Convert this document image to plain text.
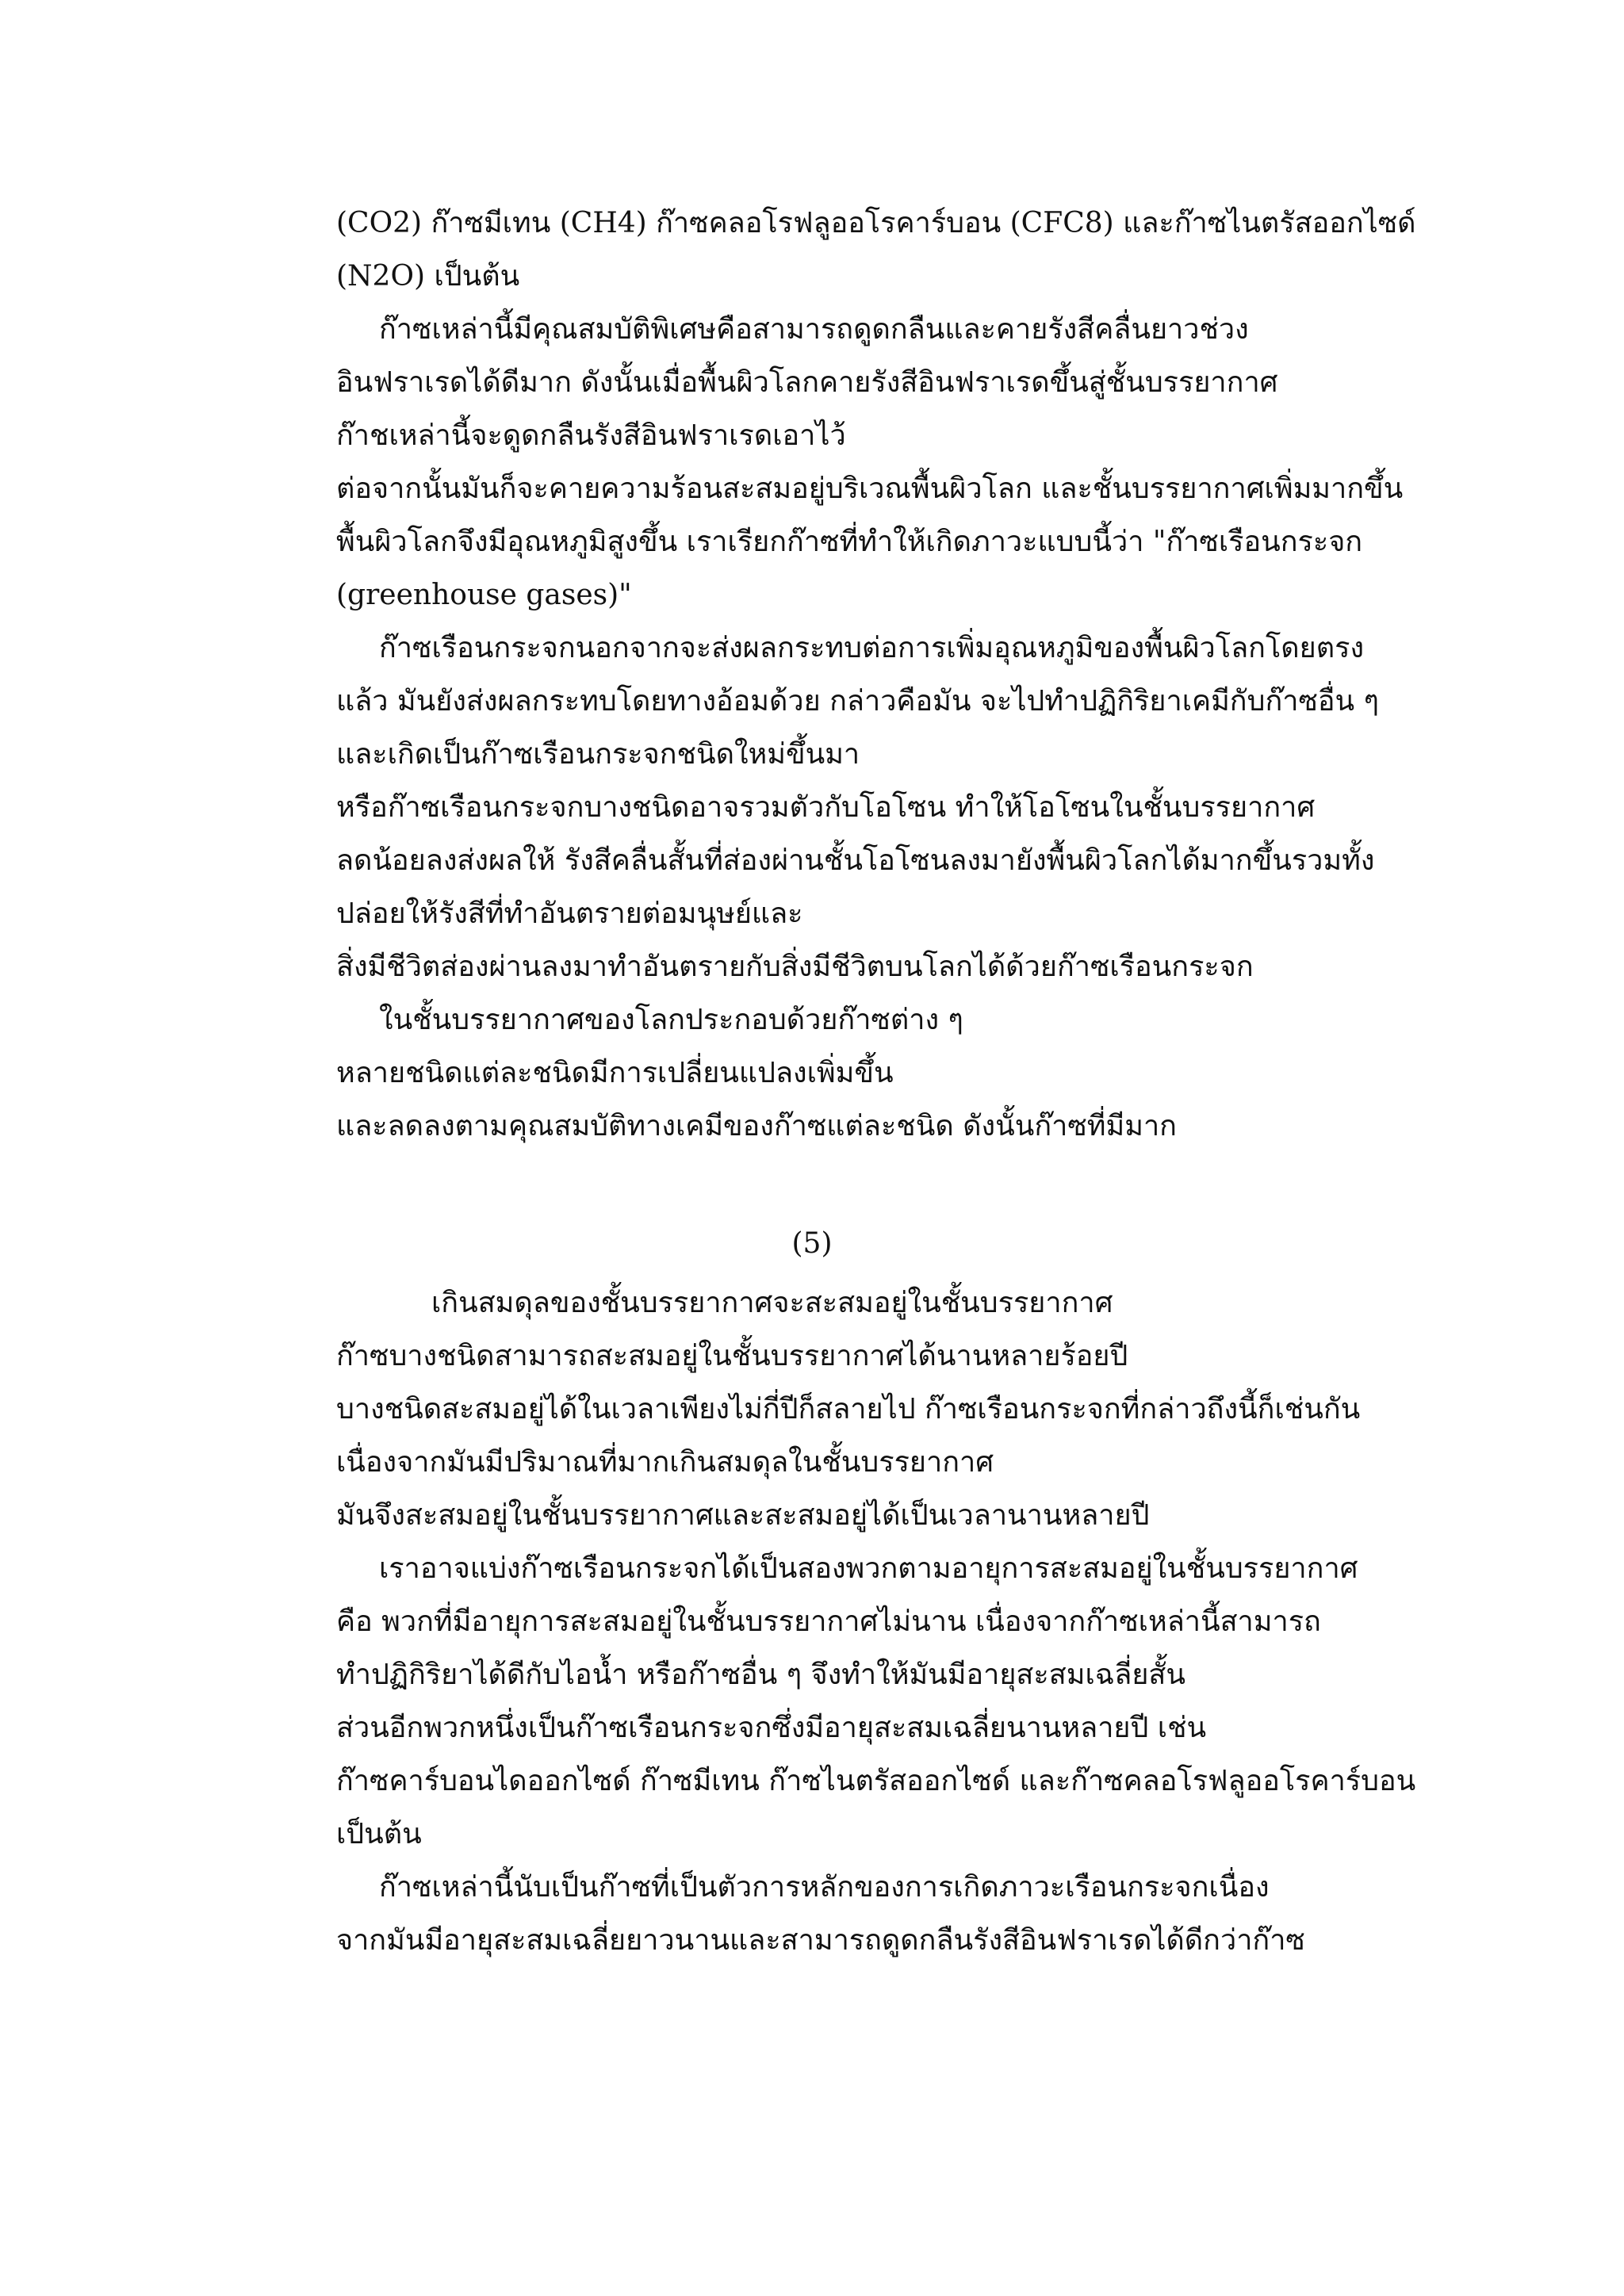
(CO2) ก๊าซมีเทน (CH4) ก๊าซคลอโรฟลูออโรคาร์บอน (CFC8) และก๊าซไนตรัสออกไซด์
(N2O) เป็นต้น
ก๊าซเหล่านี้มีคุณสมบัติพิเศษคือสามารถดูดกลืนและคายรังสีคลื่นยาวช่วง
อินฟราเรดได้ดีมาก ดังนั้นเมื่อพื้นผิวโลกคายรังสีอินฟราเรดขึ้นสู่ชั้นบรรยากาศ
ก๊าชเหล่านี้จะดูดกลืนรังสีอินฟราเรดเอาไว้
ต่อจากนั้นมันก็จะคายความร้อนสะสมอยู่บริเวณพื้นผิวโลก และชั้นบรรยากาศเพิ่มมากขึ้น
พื้นผิวโลกจึงมีอุณหภูมิสูงขึ้น เราเรียกก๊าซที่ทำให้เกิดภาวะแบบนี้ว่า "ก๊าซเรือนกระจก
(greenhouse gases)"
ก๊าซเรือนกระจกนอกจากจะส่งผลกระทบต่อการเพิ่มอุณหภูมิของพื้นผิวโลกโดยตรง
แล้ว มันยังส่งผลกระทบโดยทางอ้อมด้วย กล่าวคือมัน จะไปทำปฏิกิริยาเคมีกับก๊าซอื่น ๆ
และเกิดเป็นก๊าซเรือนกระจกชนิดใหม่ขึ้นมา
หรือก๊าซเรือนกระจกบางชนิดอาจรวมตัวกับโอโซน ทำให้โอโซนในชั้นบรรยากาศ
ลดน้อยลงส่งผลให้ รังสีคลื่นสั้นที่ส่องผ่านชั้นโอโซนลงมายังพื้นผิวโลกได้มากขึ้นรวมทั้ง
ปล่อยให้รังสีที่ทำอันตรายต่อมนุษย์และ
สิ่งมีชีวิตส่องผ่านลงมาทำอันตรายกับสิ่งมีชีวิตบนโลกได้ด้วยก๊าซเรือนกระจก
ในชั้นบรรยากาศของโลกประกอบด้วยก๊าซต่าง ๆ
หลายชนิดแต่ละชนิดมีการเปลี่ยนแปลงเพิ่มขึ้น
และลดลงตามคุณสมบัติทางเคมีของก๊าซแต่ละชนิด ดังนั้นก๊าซที่มีมาก
(5)
เกินสมดุลของชั้นบรรยากาศจะสะสมอยู่ในชั้นบรรยากาศ
ก๊าซบางชนิดสามารถสะสมอยู่ในชั้นบรรยากาศได้นานหลายร้อยปี
บางชนิดสะสมอยู่ได้ในเวลาเพียงไม่กี่ปีก็สลายไป ก๊าซเรือนกระจกที่กล่าวถึงนี้ก็เช่นกัน
เนื่องจากมันมีปริมาณที่มากเกินสมดุลในชั้นบรรยากาศ
มันจึงสะสมอยู่ในชั้นบรรยากาศและสะสมอยู่ได้เป็นเวลานานหลายปี
เราอาจแบ่งก๊าซเรือนกระจกได้เป็นสองพวกตามอายุการสะสมอยู่ในชั้นบรรยากาศ
คือ พวกที่มีอายุการสะสมอยู่ในชั้นบรรยากาศไม่นาน เนื่องจากก๊าซเหล่านี้สามารถ
ทำปฏิกิริยาได้ดีกับไอน้ำ หรือก๊าซอื่น ๆ จึงทำให้มันมีอายุสะสมเฉลี่ยสั้น
ส่วนอีกพวกหนึ่งเป็นก๊าซเรือนกระจกซึ่งมีอายุสะสมเฉลี่ยนานหลายปี เช่น
ก๊าซคาร์บอนไดออกไซด์ ก๊าซมีเทน ก๊าซไนตรัสออกไซด์ และก๊าซคลอโรฟลูออโรคาร์บอน
เป็นต้น
ก๊าซเหล่านี้นับเป็นก๊าซที่เป็นตัวการหลักของการเกิดภาวะเรือนกระจกเนื่อง
จากมันมีอายุสะสมเฉลี่ยยาวนานและสามารถดูดกลืนรังสีอินฟราเรดได้ดีกว่าก๊าซ
